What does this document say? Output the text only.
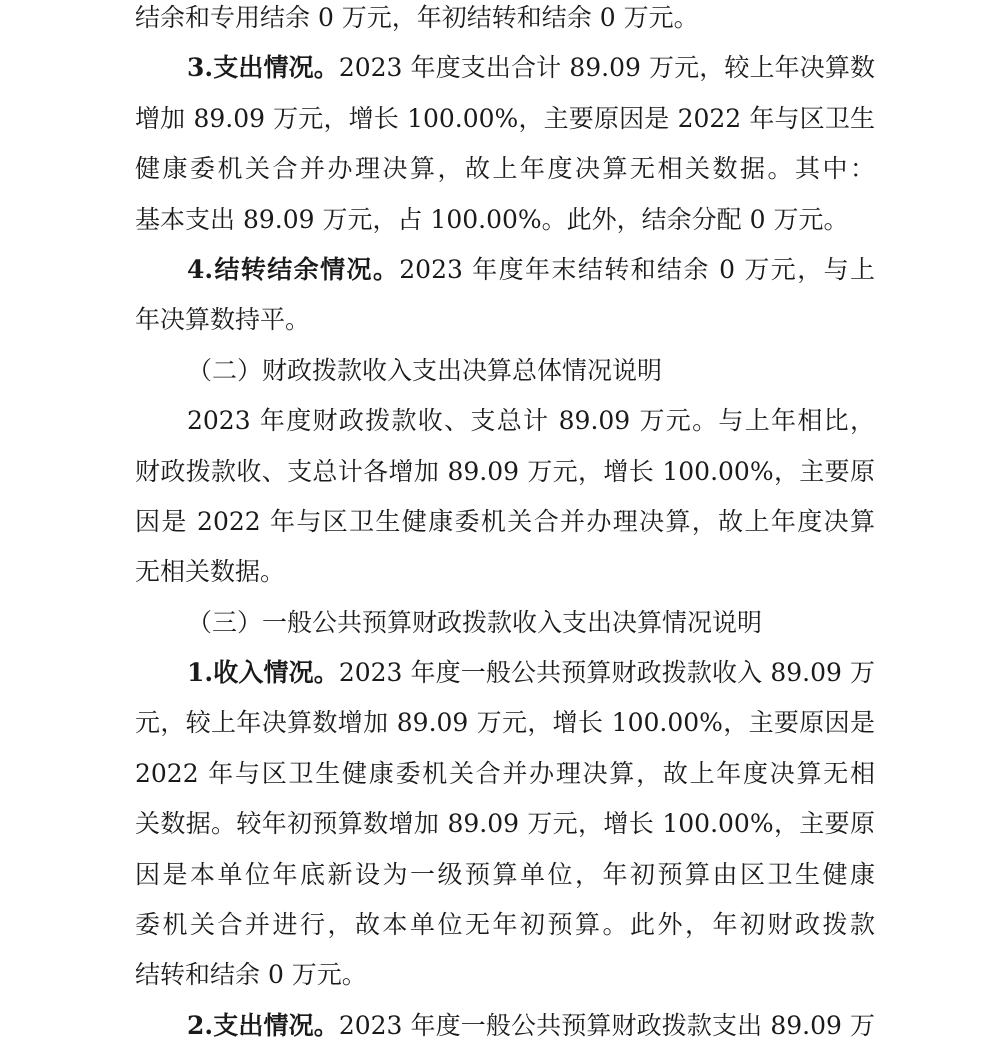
结余和专用结余 0 万元，年初结转和结余 0 万元。
3.支出情况。2023 年度支出合计 89.09 万元，较上年决算数
增加 89.09 万元，增长 100.00%，主要原因是 2022 年与区卫生
健康委机关合并办理决算，故上年度决算无相关数据。其中：
基本支出 89.09 万元，占 100.00%。此外，结余分配 0 万元。
4.结转结余情况。2023 年度年末结转和结余 0 万元，与上
年决算数持平。
（二）财政拨款收入支出决算总体情况说明
2023 年度财政拨款收、支总计 89.09 万元。与上年相比，
财政拨款收、支总计各增加 89.09 万元，增长 100.00%，主要原
因是 2022 年与区卫生健康委机关合并办理决算，故上年度决算
无相关数据。
（三）一般公共预算财政拨款收入支出决算情况说明
1.收入情况。2023 年度一般公共预算财政拨款收入 89.09 万
元，较上年决算数增加 89.09 万元，增长 100.00%，主要原因是
2022 年与区卫生健康委机关合并办理决算，故上年度决算无相
关数据。较年初预算数增加 89.09 万元，增长 100.00%，主要原
因是本单位年底新设为一级预算单位，年初预算由区卫生健康
委机关合并进行，故本单位无年初预算。此外，年初财政拨款
结转和结余 0 万元。
2.支出情况。2023 年度一般公共预算财政拨款支出 89.09 万
